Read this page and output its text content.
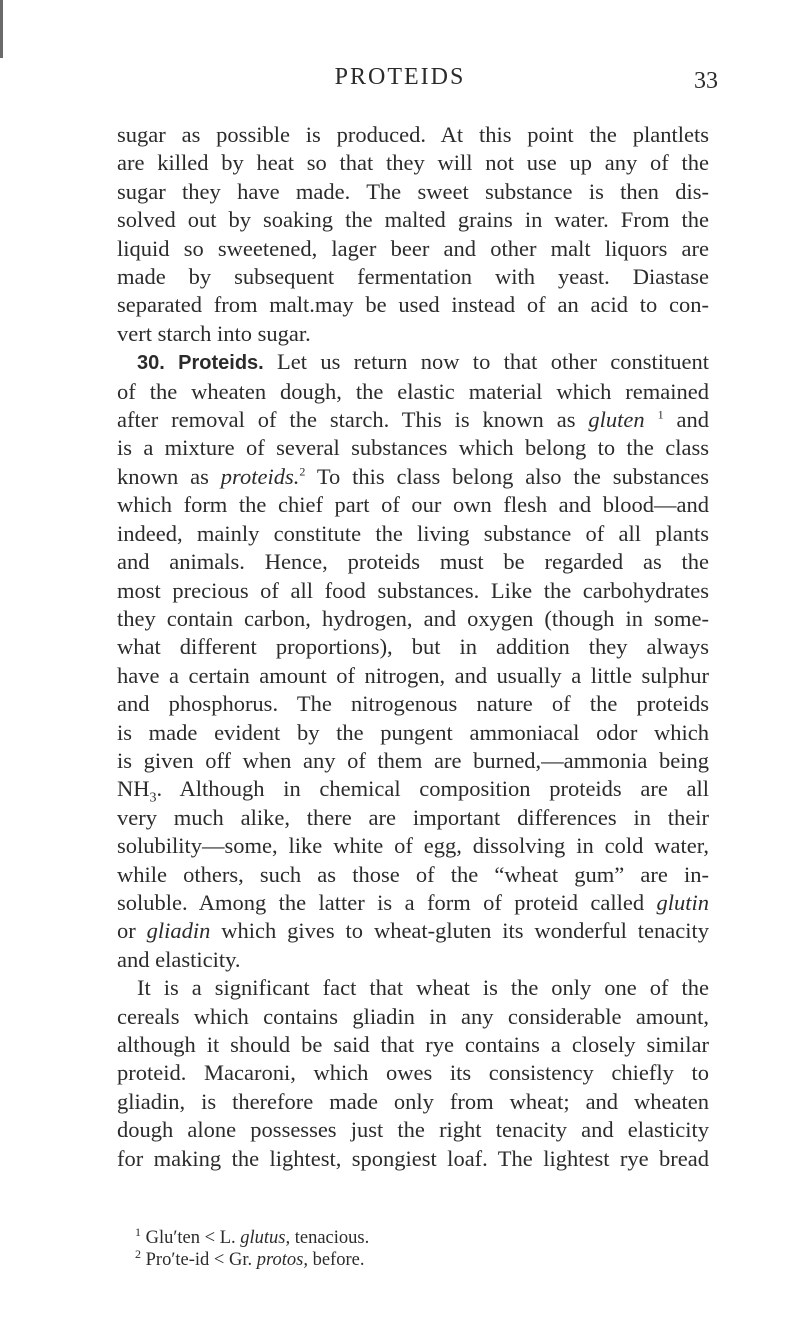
PROTEIDS	33
sugar as possible is produced. At this point the plantlets
are killed by heat so that they will not use up any of the
sugar they have made. The sweet substance is then dis-
solved out by soaking the malted grains in water. From the
liquid so sweetened, lager beer and other malt liquors are
made by subsequent fermentation with yeast. Diastase
separated from malt.may be used instead of an acid to con-
vert starch into sugar.
30. Proteids. Let us return now to that other constituent
of the wheaten dough, the elastic material which remained
after removal of the starch. This is known as gluten $^1$ and
is a mixture of several substances which belong to the class
known as proteids.$^2$ To this class belong also the substances
which form the chief part of our own flesh and blood—and
indeed, mainly constitute the living substance of all plants
and animals. Hence, proteids must be regarded as the
most precious of all food substances. Like the carbohydrates
they contain carbon, hydrogen, and oxygen (though in some-
what different proportions), but in addition they always
have a certain amount of nitrogen, and usually a little sulphur
and phosphorus. The nitrogenous nature of the proteids
is made evident by the pungent ammoniacal odor which
is given off when any of them are burned,—ammonia being
$NH_3$. Although in chemical composition proteids are all
very much alike, there are important differences in their
solubility—some, like white of egg, dissolving in cold water,
while others, such as those of the “wheat gum” are in-
soluble. Among the latter is a form of proteid called glutin
or gliadin which gives to wheat-gluten its wonderful tenacity
and elasticity.
It is a significant fact that wheat is the only one of the
cereals which contains gliadin in any considerable amount,
although it should be said that rye contains a closely similar
proteid. Macaroni, which owes its consistency chiefly to
gliadin, is therefore made only from wheat; and wheaten
dough alone possesses just the right tenacity and elasticity
for making the lightest, spongiest loaf. The lightest rye bread
$^1$ Glu′ten < L. glutus, tenacious.
$^2$ Pro′te-id < Gr. protos, before.
